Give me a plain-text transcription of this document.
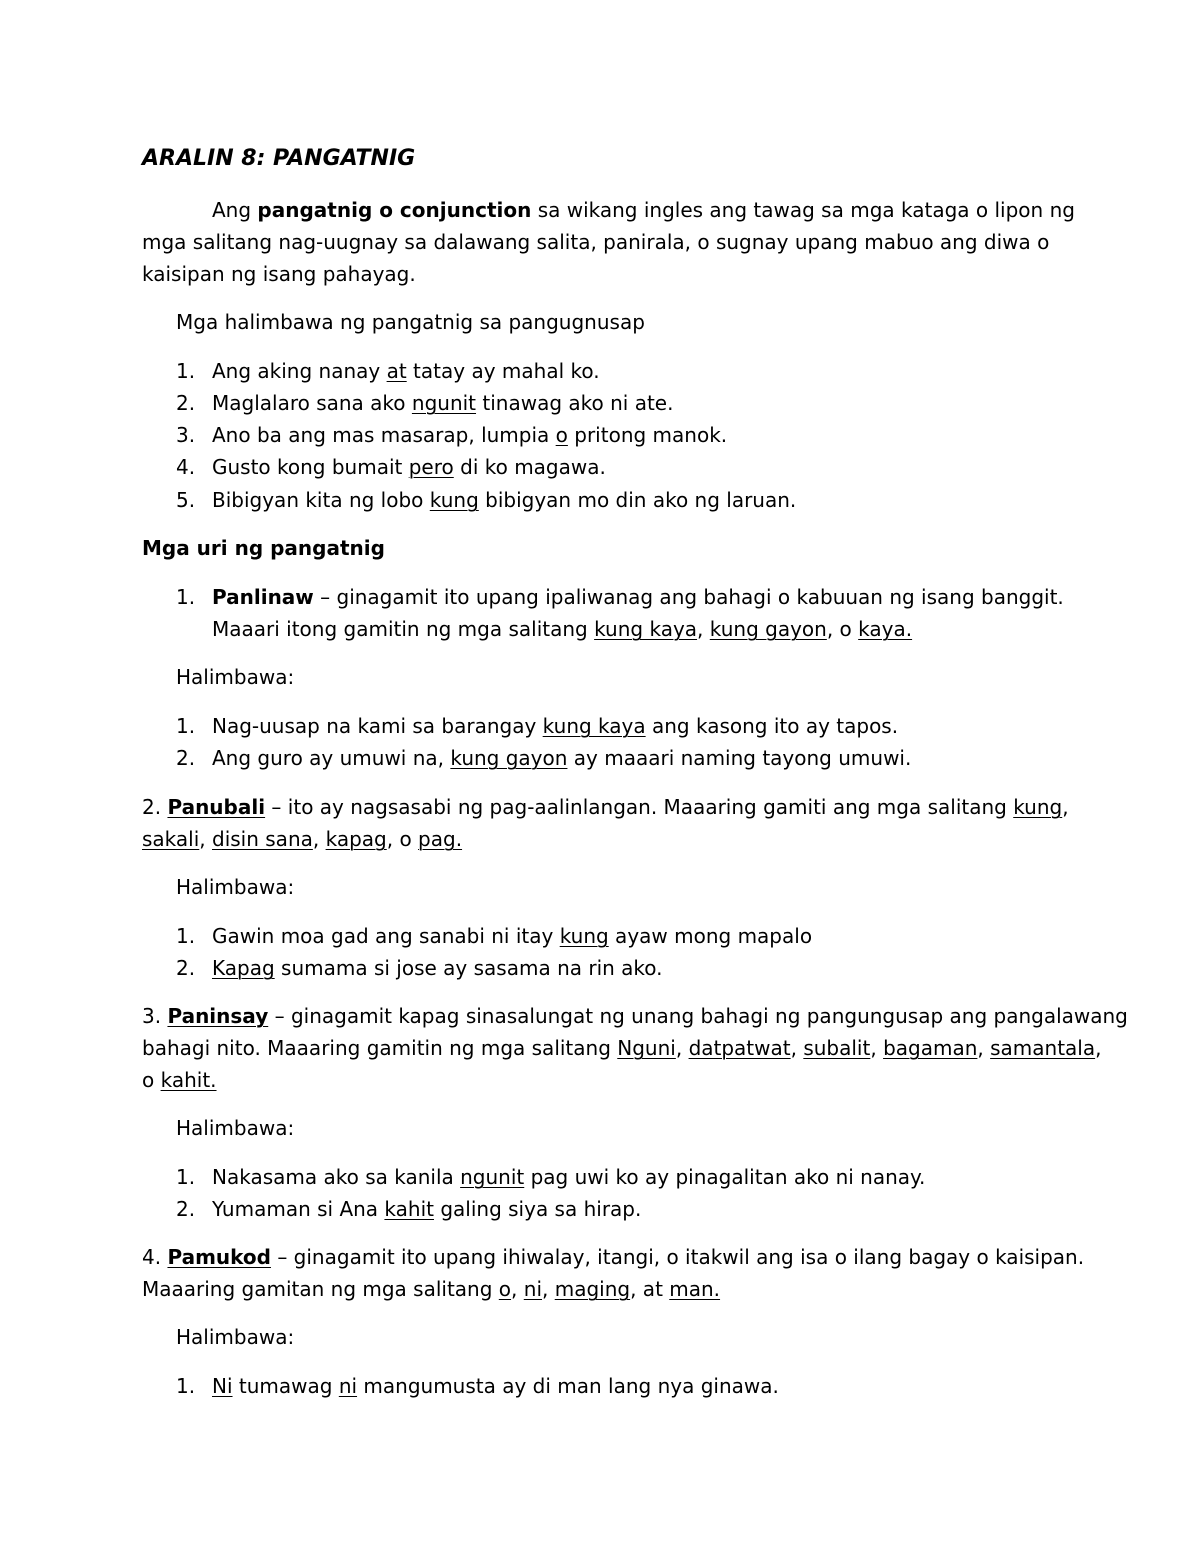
ARALIN 8: PANGATNIG
Ang pangatnig o conjunction sa wikang ingles ang tawag sa mga kataga o lipon ng
mga salitang nag-uugnay sa dalawang salita, panirala, o sugnay upang mabuo ang diwa o
kaisipan ng isang pahayag.
Mga halimbawa ng pangatnig sa pangugnusap
1. Ang aking nanay at tatay ay mahal ko.
2. Maglalaro sana ako ngunit tinawag ako ni ate.
3. Ano ba ang mas masarap, lumpia o pritong manok.
4. Gusto kong bumait pero di ko magawa.
5. Bibigyan kita ng lobo kung bibigyan mo din ako ng laruan.
Mga uri ng pangatnig
1. Panlinaw – ginagamit ito upang ipaliwanag ang bahagi o kabuuan ng isang banggit.
Maaari itong gamitin ng mga salitang kung kaya, kung gayon, o kaya.
Halimbawa:
1. Nag-uusap na kami sa barangay kung kaya ang kasong ito ay tapos.
2. Ang guro ay umuwi na, kung gayon ay maaari naming tayong umuwi.
2. Panubali – ito ay nagsasabi ng pag-aalinlangan. Maaaring gamiti ang mga salitang kung,
sakali, disin sana, kapag, o pag.
Halimbawa:
1. Gawin moa gad ang sanabi ni itay kung ayaw mong mapalo
2. Kapag sumama si jose ay sasama na rin ako.
3. Paninsay – ginagamit kapag sinasalungat ng unang bahagi ng pangungusap ang pangalawang
bahagi nito. Maaaring gamitin ng mga salitang Nguni, datpatwat, subalit, bagaman, samantala,
o kahit.
Halimbawa:
1. Nakasama ako sa kanila ngunit pag uwi ko ay pinagalitan ako ni nanay.
2. Yumaman si Ana kahit galing siya sa hirap.
4. Pamukod – ginagamit ito upang ihiwalay, itangi, o itakwil ang isa o ilang bagay o kaisipan.
Maaaring gamitan ng mga salitang o, ni, maging, at man.
Halimbawa:
1. Ni tumawag ni mangumusta ay di man lang nya ginawa.
